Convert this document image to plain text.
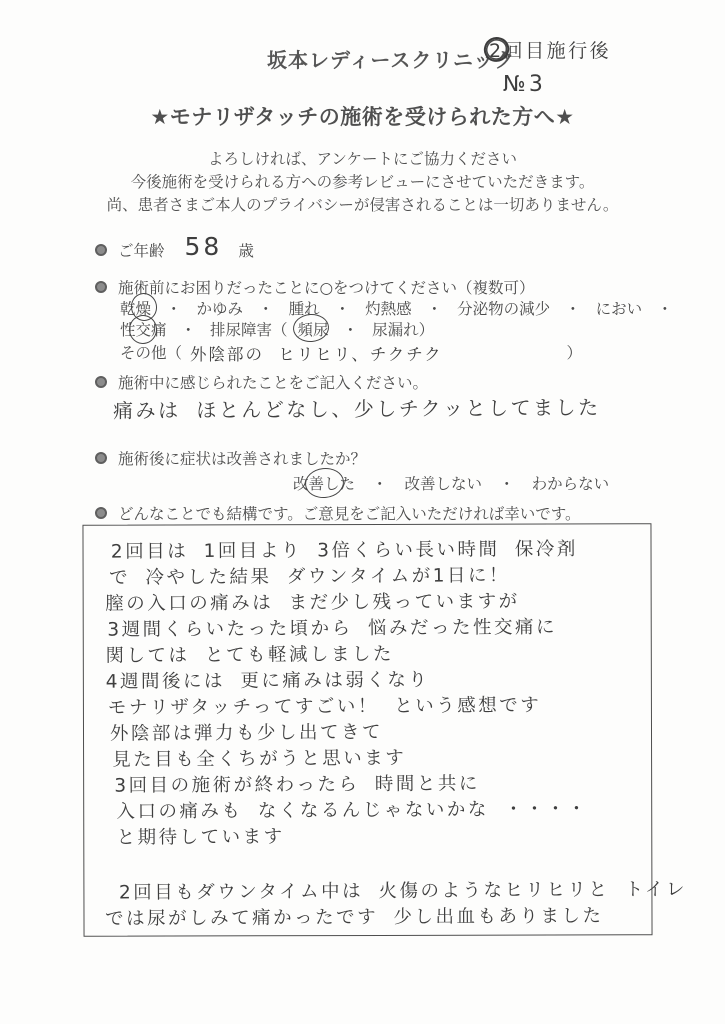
坂本レディースクリニック
2回目施行後
№3
★モナリザタッチの施術を受けられた方へ★
よろしければ、アンケートにご協力ください
今後施術を受けられる方への参考レビューにさせていただきます。
尚、患者さまご本人のプライバシーが侵害されることは一切ありません。
ご年齢 58 歳
施術前にお困りだったことに○をつけてください（複数可）
乾燥 ・ かゆみ ・ 腫れ ・ 灼熱感 ・ 分泌物の減少 ・ におい ・
性交痛 ・ 排尿障害（ 頻尿 ・ 尿漏れ ）
その他（ 外陰部の ヒリヒリ、チクチク	）
施術中に感じられたことをご記入ください。
痛みは ほとんどなし、少しチクッとしてました
施術後に症状は改善されましたか？
改善した ・ 改善しない ・ わからない
どんなことでも結構です。ご意見をご記入いただければ幸いです。
2回目は 1回目より 3倍くらい長い時間 保冷剤
で 冷やした結果 ダウンタイムが1日に！
膣の入口の痛みは まだ少し残っていますが
3週間くらいたった頃から 悩みだった性交痛に
関しては とても軽減しました
4週間後には 更に痛みは弱くなり
モナリザタッチってすごい！ という感想です
外陰部は弾力も少し出てきて
見た目も全くちがうと思います
3回目の施術が終わったら 時間と共に
入口の痛みも なくなるんじゃないかな ・・・・
と期待しています
2回目もダウンタイム中は 火傷のようなヒリヒリと トイレ
では尿がしみて痛かったです 少し出血もありました
